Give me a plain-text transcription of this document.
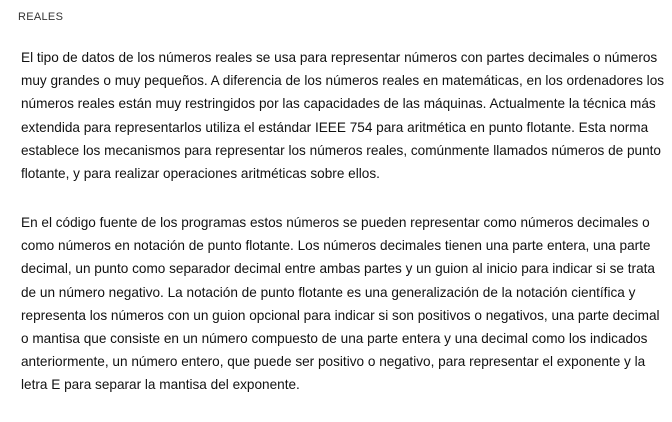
REALES

El tipo de datos de los números reales se usa para representar números con partes decimales o números muy grandes o muy pequeños. A diferencia de los números reales en matemáticas, en los ordenadores los números reales están muy restringidos por las capacidades de las máquinas. Actualmente la técnica más extendida para representarlos utiliza el estándar IEEE 754 para aritmética en punto flotante. Esta norma establece los mecanismos para representar los números reales, comúnmente llamados números de punto flotante, y para realizar operaciones aritméticas sobre ellos.

En el código fuente de los programas estos números se pueden representar como números decimales o como números en notación de punto flotante. Los números decimales tienen una parte entera, una parte decimal, un punto como separador decimal entre ambas partes y un guion al inicio para indicar si se trata de un número negativo. La notación de punto flotante es una generalización de la notación científica y representa los números con un guion opcional para indicar si son positivos o negativos, una parte decimal o mantisa que consiste en un número compuesto de una parte entera y una decimal como los indicados anteriormente, un número entero, que puede ser positivo o negativo, para representar el exponente y la letra E para separar la mantisa del exponente.
